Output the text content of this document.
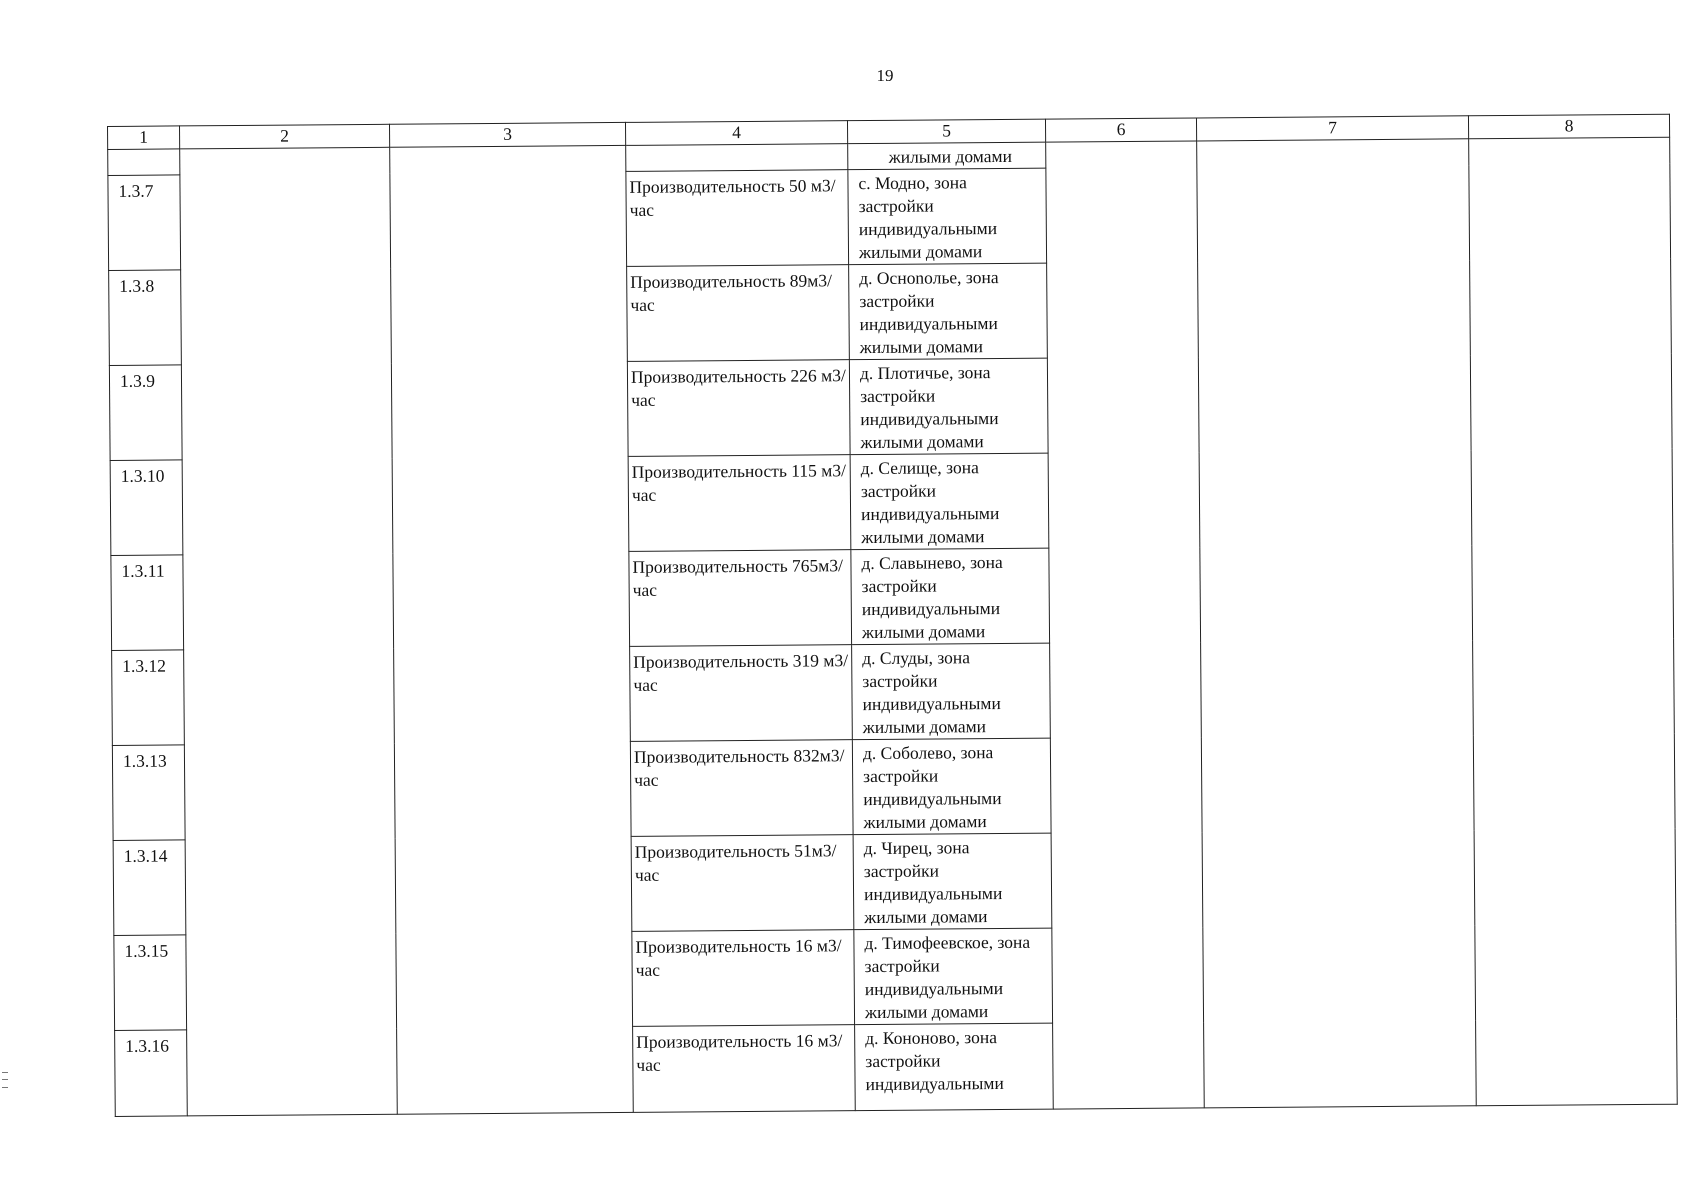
19
1	2	3	4	5	6	7	8
				жилыми домами			
1.3.7			Производительность 50 м3/час	с. Модно, зона застройки индивидуальными жилыми домами			
1.3.8			Производительность 89м3/час	д. Осноnолье, зона застройки индивидуальными жилыми домами			
1.3.9			Производительность 226 м3/час	д. Плотичье, зона застройки индивидуальными жилыми домами			
1.3.10			Производительность 115 м3/час	д. Селище, зона застройки индивидуальными жилыми домами			
1.3.11			Производительность 765м3/час	д. Славынево, зона застройки индивидуальными жилыми домами			
1.3.12			Производительность 319 м3/час	д. Слуды, зона застройки индивидуальными жилыми домами			
1.3.13			Производительность 832м3/час	д. Соболево, зона застройки индивидуальными жилыми домами			
1.3.14			Производительность 51м3/час	д. Чирец, зона застройки индивидуальными жилыми домами			
1.3.15			Производительность 16 м3/час	д. Тимофеевское, зона застройки индивидуальными жилыми домами			
1.3.16			Производительность 16 м3/час	д. Кононово, зона застройки индивидуальными			
